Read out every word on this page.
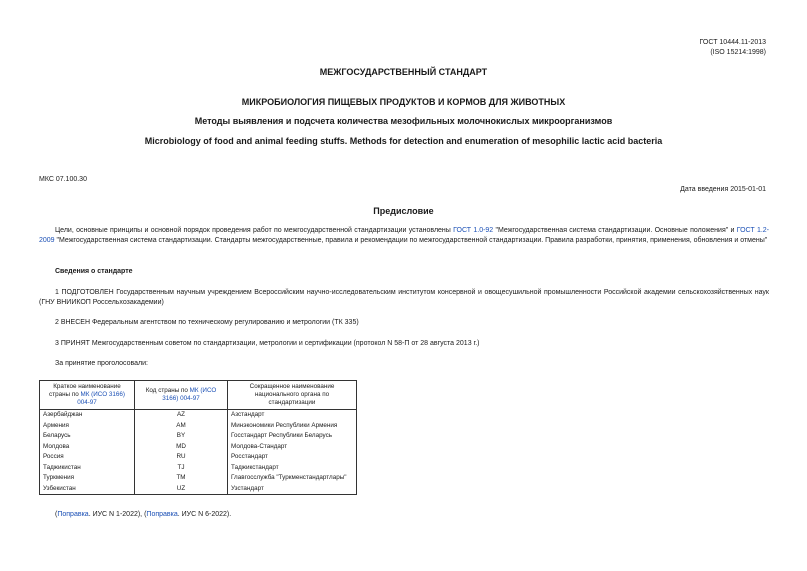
ГОСТ 10444.11-2013
(ISO 15214:1998)
МЕЖГОСУДАРСТВЕННЫЙ СТАНДАРТ
МИКРОБИОЛОГИЯ ПИЩЕВЫХ ПРОДУКТОВ И КОРМОВ ДЛЯ ЖИВОТНЫХ
Методы выявления и подсчета количества мезофильных молочнокислых микроорганизмов
Microbiology of food and animal feeding stuffs. Methods for detection and enumeration of mesophilic lactic acid bacteria
МКС 07.100.30
Дата введения 2015-01-01
Предисловие
Цели, основные принципы и основной порядок проведения работ по межгосударственной стандартизации установлены ГОСТ 1.0-92 "Межгосударственная система стандартизации. Основные положения" и ГОСТ 1.2-2009 "Межгосударственная система стандартизации. Стандарты межгосударственные, правила и рекомендации по межгосударственной стандартизации. Правила разработки, принятия, применения, обновления и отмены"
Сведения о стандарте
1 ПОДГОТОВЛЕН Государственным научным учреждением Всероссийским научно-исследовательским институтом консервной и овощесушильной промышленности Российской академии сельскохозяйственных наук (ГНУ ВНИИКОП Россельхозакадемии)
2 ВНЕСЕН Федеральным агентством по техническому регулированию и метрологии (ТК 335)
3 ПРИНЯТ Межгосударственным советом по стандартизации, метрологии и сертификации (протокол N 58-П от 28 августа 2013 г.)
За принятие проголосовали:
Краткое наименование страны по МК (ИСО 3166) 004-97	Код страны по МК (ИСО 3166) 004-97	Сокращенное наименование национального органа по стандартизации
Азербайджан	AZ	Азстандарт
Армения	AM	Минэкономики Республики Армения
Беларусь	BY	Госстандарт Республики Беларусь
Молдова	MD	Молдова-Стандарт
Россия	RU	Росстандарт
Таджикистан	TJ	Таджикстандарт
Туркмения	TM	Главгосслужба "Туркменстандартлары"
Узбекистан	UZ	Узстандарт
(Поправка. ИУС N 1-2022), (Поправка. ИУС N 6-2022).
